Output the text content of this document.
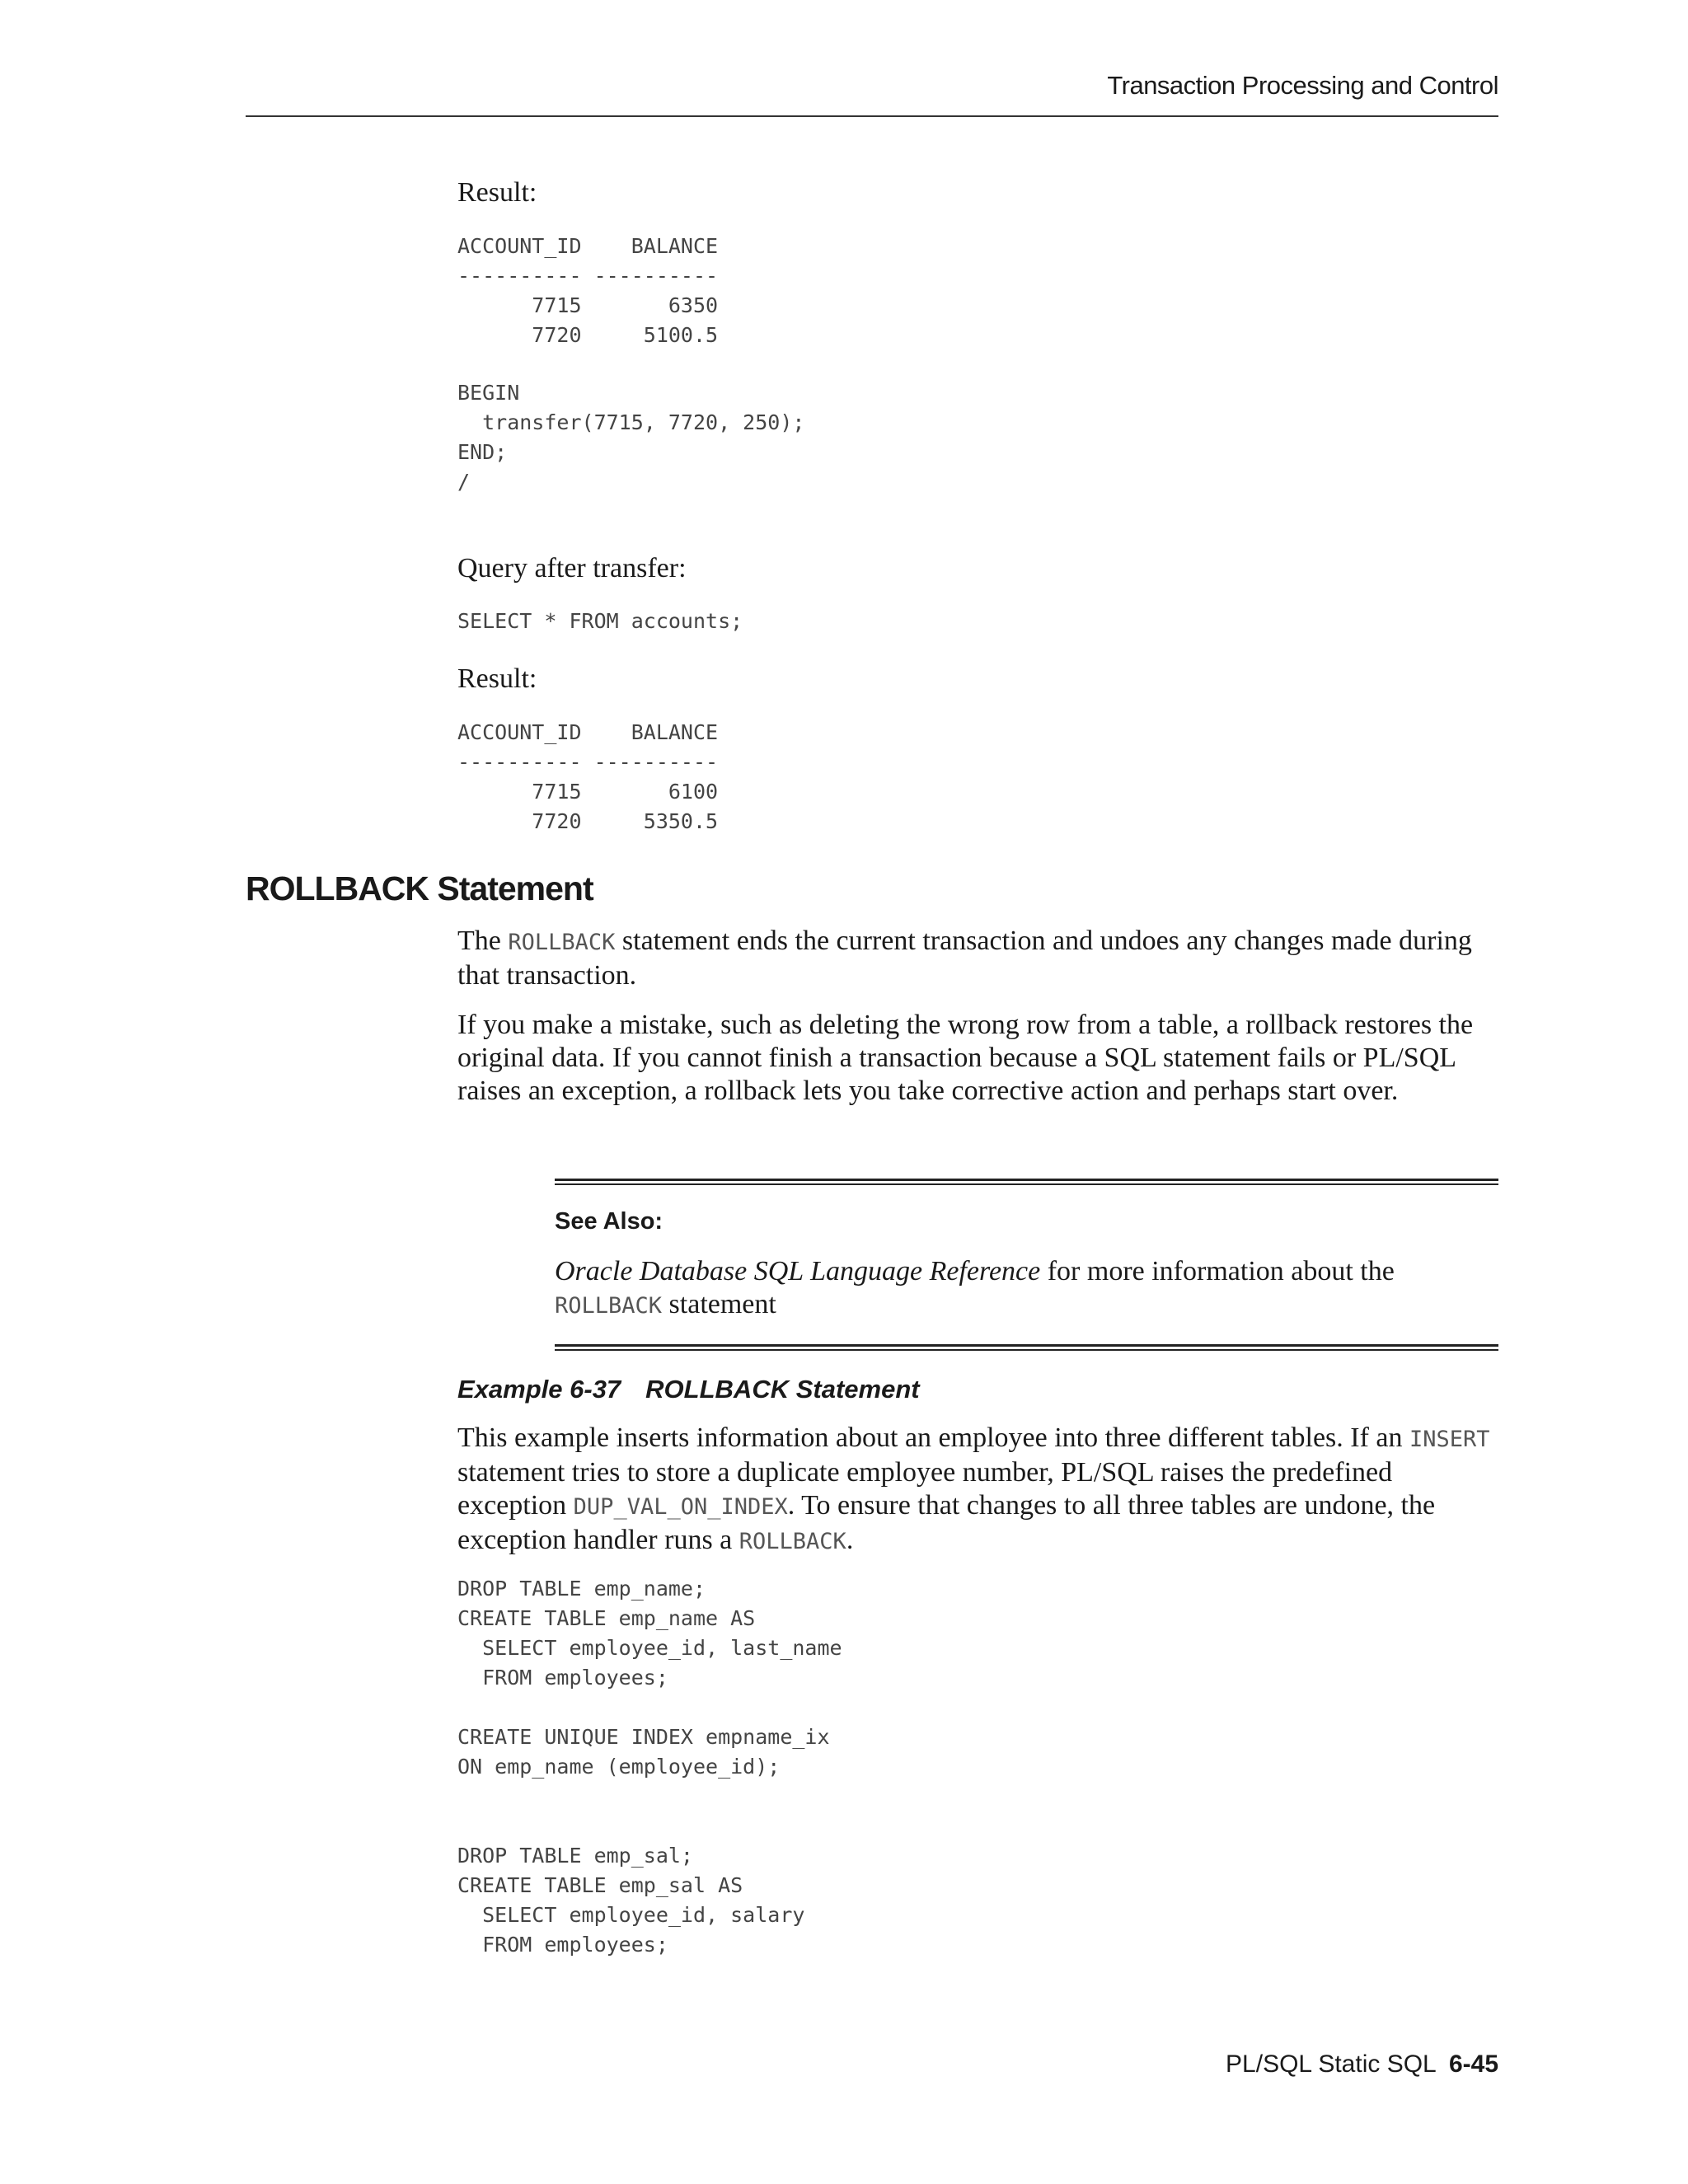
Transaction Processing and Control
Result:
ACCOUNT_ID    BALANCE
---------- ----------
7715       6350
7720     5100.5
BEGIN
transfer(7715, 7720, 250);
END;
/
Query after transfer:
SELECT * FROM accounts;
Result:
ACCOUNT_ID    BALANCE
---------- ----------
7715       6100
7720     5350.5
ROLLBACK Statement

The ROLLBACK statement ends the current transaction and undoes any changes made during that transaction.

If you make a mistake, such as deleting the wrong row from a table, a rollback restores the original data. If you cannot finish a transaction because a SQL statement fails or PL/SQL raises an exception, a rollback lets you take corrective action and perhaps start over.

See Also:

Oracle Database SQL Language Reference for more information about the ROLLBACK statement

Example 6-37 ROLLBACK Statement

This example inserts information about an employee into three different tables. If an INSERT statement tries to store a duplicate employee number, PL/SQL raises the predefined exception DUP_VAL_ON_INDEX. To ensure that changes to all three tables are undone, the exception handler runs a ROLLBACK.

DROP TABLE emp_name;
CREATE TABLE emp_name AS
SELECT employee_id, last_name
FROM employees;

CREATE UNIQUE INDEX empname_ix
ON emp_name (employee_id);

DROP TABLE emp_sal;
CREATE TABLE emp_sal AS
SELECT employee_id, salary
FROM employees;
PL/SQL Static SQL 6-45
